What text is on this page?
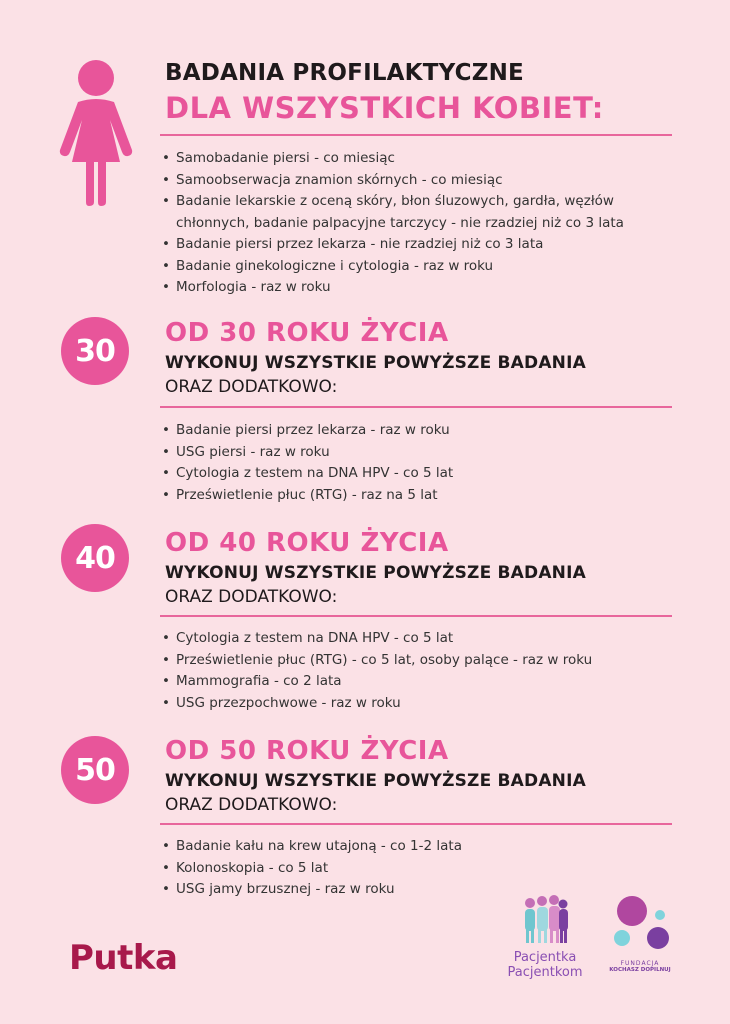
BADANIA PROFILAKTYCZNE
DLA WSZYSTKICH KOBIET:
• Samobadanie piersi - co miesiąc
• Samoobserwacja znamion skórnych - co miesiąc
• Badanie lekarskie z oceną skóry, błon śluzowych, gardła, węzłów
chłonnych, badanie palpacyjne tarczycy - nie rzadziej niż co 3 lata
• Badanie piersi przez lekarza - nie rzadziej niż co 3 lata
• Badanie ginekologiczne i cytologia - raz w roku
• Morfologia - raz w roku
30
OD 30 ROKU ŻYCIA
WYKONUJ WSZYSTKIE POWYŻSZE BADANIA
ORAZ DODATKOWO:
• Badanie piersi przez lekarza - raz w roku
• USG piersi - raz w roku
• Cytologia z testem na DNA HPV - co 5 lat
• Prześwietlenie płuc (RTG) - raz na 5 lat
40	OD 40 ROKU ŻYCIA
WYKONUJ WSZYSTKIE POWYŻSZE BADANIA
ORAZ DODATKOWO:
• Cytologia z testem na DNA HPV - co 5 lat
• Prześwietlenie płuc (RTG) - co 5 lat, osoby palące - raz w roku
• Mammografia - co 2 lata
• USG przezpochwowe - raz w roku
50
OD 50 ROKU ŻYCIA
WYKONUJ WSZYSTKIE POWYŻSZE BADANIA
ORAZ DODATKOWO:
• Badanie kału na krew utajoną - co 1-2 lata
• Kolonoskopia - co 5 lat
• USG jamy brzusznej - raz w roku
Putka	Pacjentka
Pacjentkom
FUNDACJA
KOCHASZ DOPILNUJ
